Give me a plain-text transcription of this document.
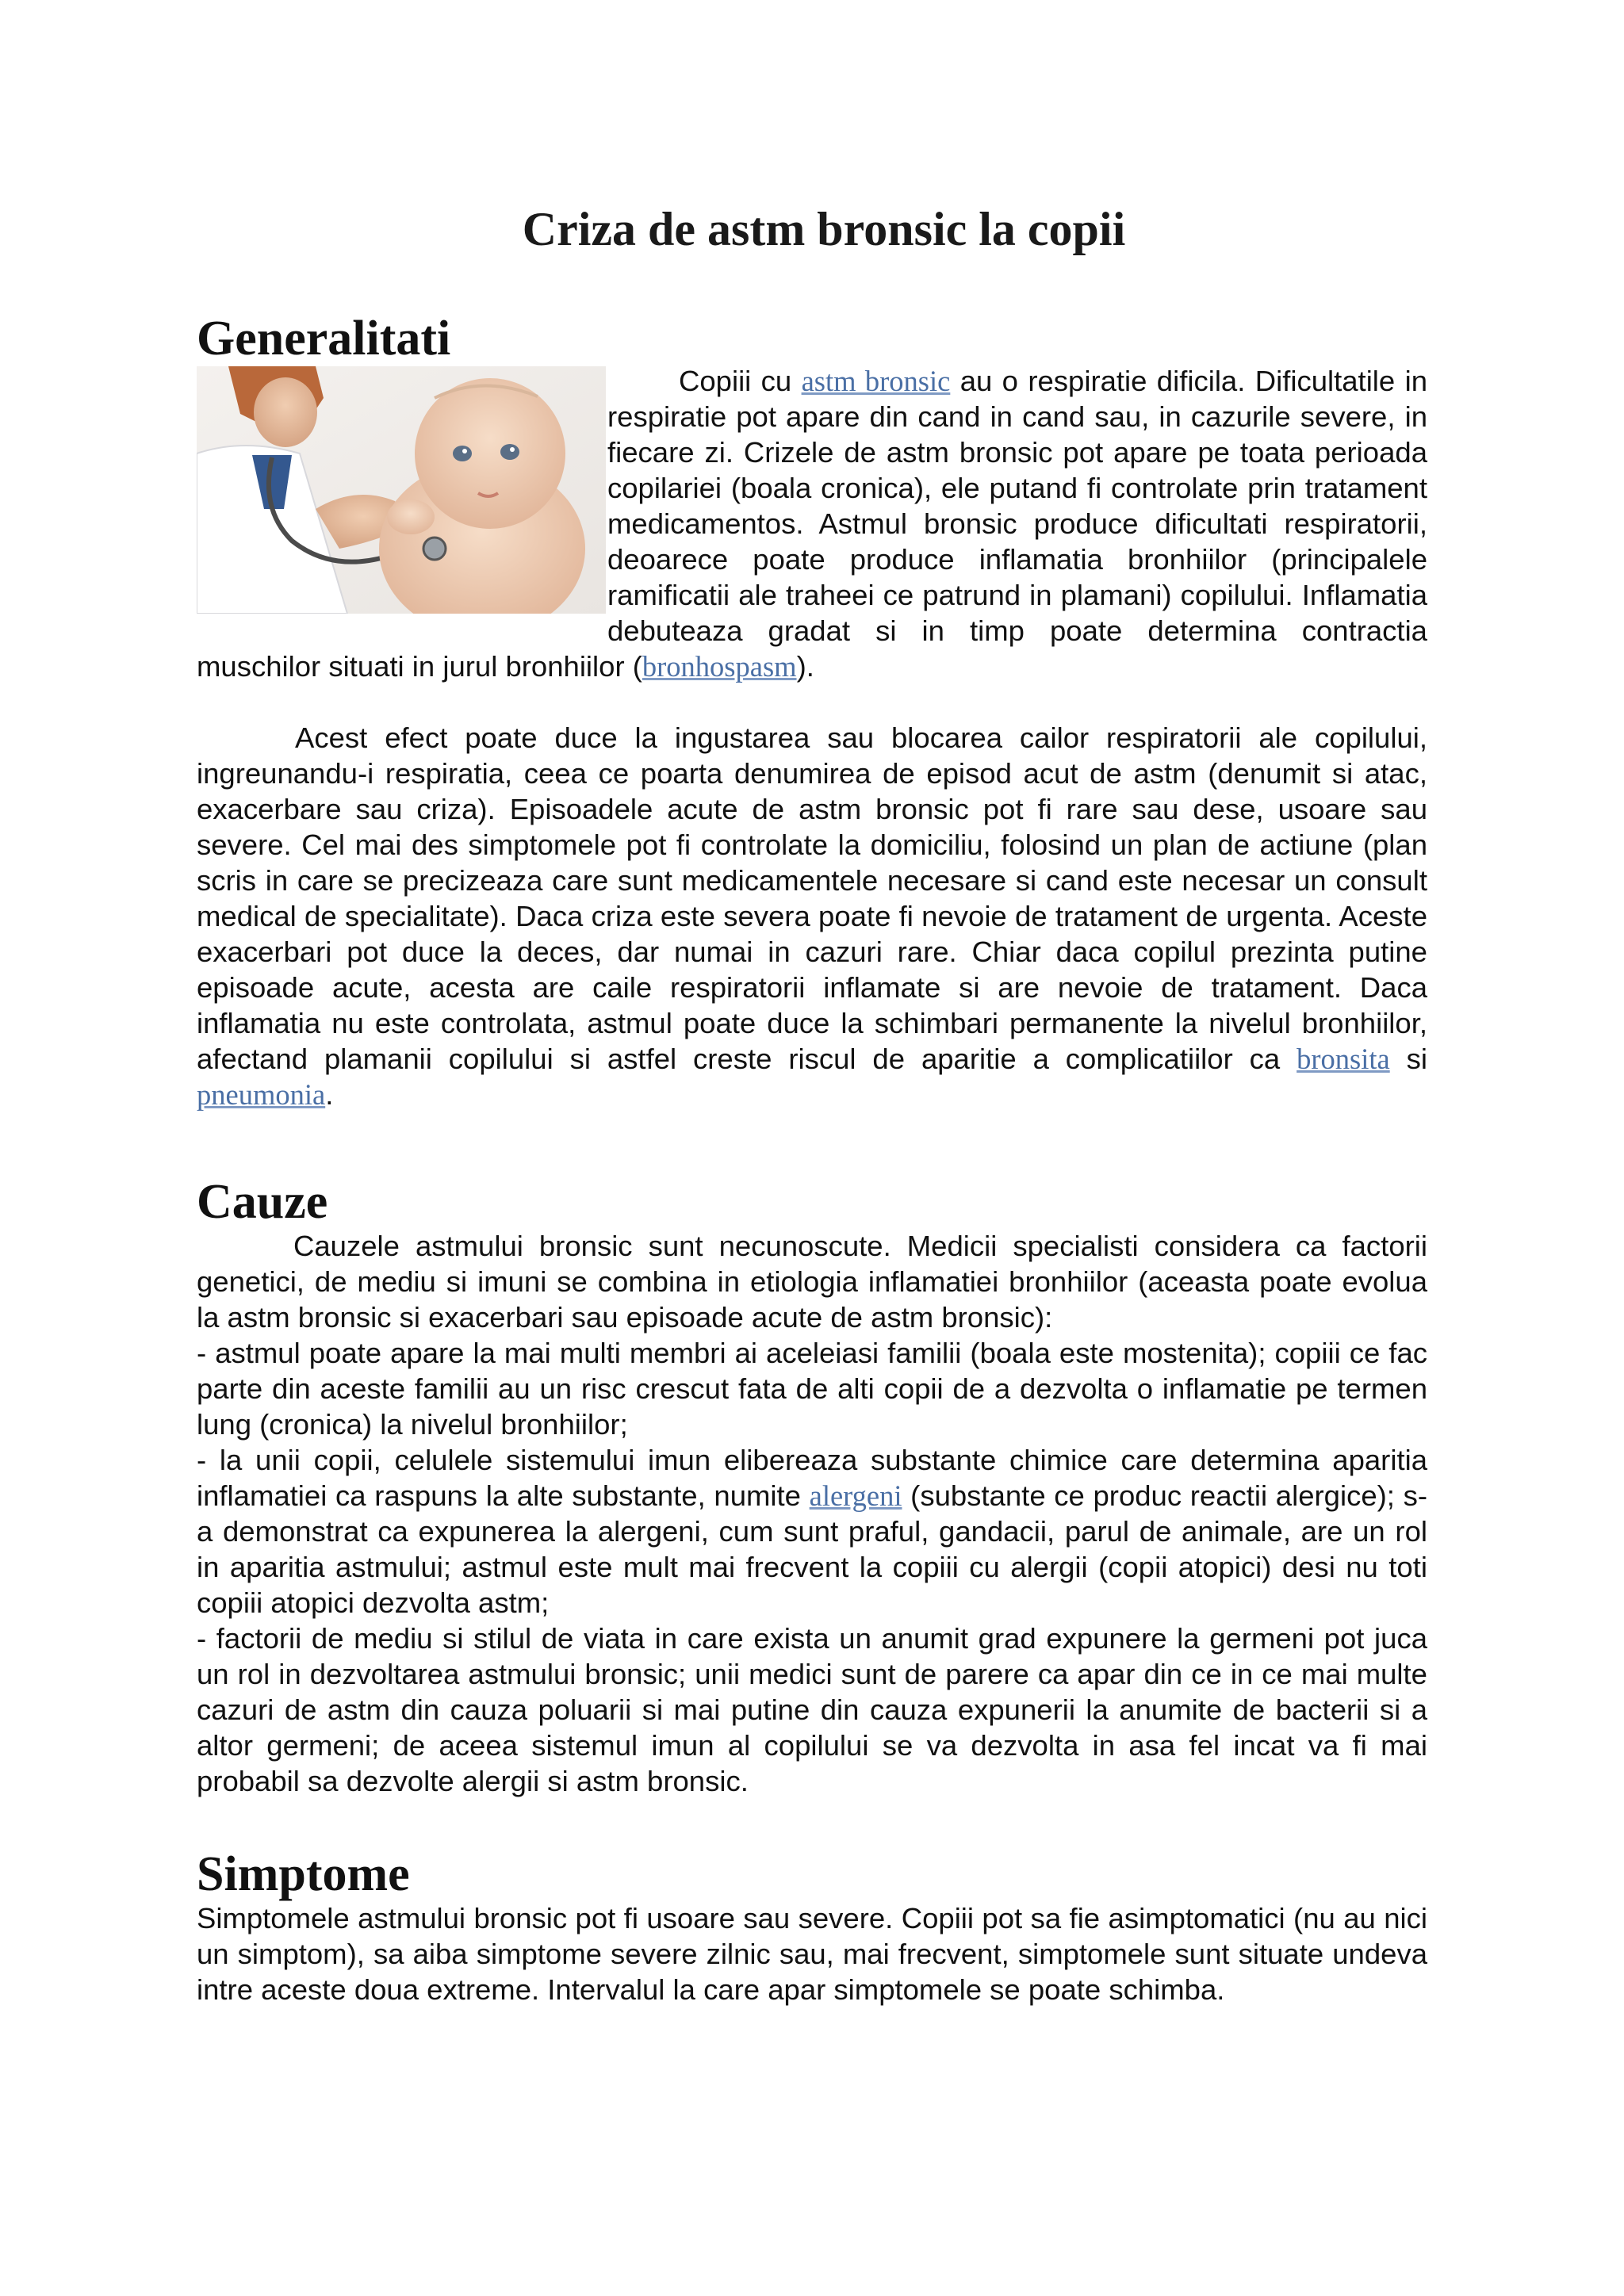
Criza de astm bronsic la copii
Generalitati

Copiii cu astm bronsic au o respiratie dificila. Dificultatile in respiratie pot apare din cand in cand sau, in cazurile severe, in fiecare zi. Crizele de astm bronsic pot apare pe toata perioada copilariei (boala cronica), ele putand fi controlate prin tratament medicamentos. Astmul bronsic produce dificultati respiratorii, deoarece poate produce inflamatia bronhiilor (principalele ramificatii ale traheei ce patrund in plamani) copilului. Inflamatia debuteaza gradat si in timp poate determina contractia muschilor situati in jurul bronhiilor (bronhospasm).

Acest efect poate duce la ingustarea sau blocarea cailor respiratorii ale copilului, ingreunandu-i respiratia, ceea ce poarta denumirea de episod acut de astm (denumit si atac, exacerbare sau criza). Episoadele acute de astm bronsic pot fi rare sau dese, usoare sau severe. Cel mai des simptomele pot fi controlate la domiciliu, folosind un plan de actiune (plan scris in care se precizeaza care sunt medicamentele necesare si cand este necesar un consult medical de specialitate). Daca criza este severa poate fi nevoie de tratament de urgenta. Aceste exacerbari pot duce la deces, dar numai in cazuri rare. Chiar daca copilul prezinta putine episoade acute, acesta are caile respiratorii inflamate si are nevoie de tratament. Daca inflamatia nu este controlata, astmul poate duce la schimbari permanente la nivelul bronhiilor, afectand plamanii copilului si astfel creste riscul de aparitie a complicatiilor ca bronsita si pneumonia.

Cauze

Cauzele astmului bronsic sunt necunoscute. Medicii specialisti considera ca factorii genetici, de mediu si imuni se combina in etiologia inflamatiei bronhiilor (aceasta poate evolua la astm bronsic si exacerbari sau episoade acute de astm bronsic):

- astmul poate apare la mai multi membri ai aceleiasi familii (boala este mostenita); copiii ce fac parte din aceste familii au un risc crescut fata de alti copii de a dezvolta o inflamatie pe termen lung (cronica) la nivelul bronhiilor;

- la unii copii, celulele sistemului imun elibereaza substante chimice care determina aparitia inflamatiei ca raspuns la alte substante, numite alergeni (substante ce produc reactii alergice); s-a demonstrat ca expunerea la alergeni, cum sunt praful, gandacii, parul de animale, are un rol in aparitia astmului; astmul este mult mai frecvent la copiii cu alergii (copii atopici) desi nu toti copiii atopici dezvolta astm;

- factorii de mediu si stilul de viata in care exista un anumit grad expunere la germeni pot juca un rol in dezvoltarea astmului bronsic; unii medici sunt de parere ca apar din ce in ce mai multe cazuri de astm din cauza poluarii si mai putine din cauza expunerii la anumite de bacterii si a altor germeni; de aceea sistemul imun al copilului se va dezvolta in asa fel incat va fi mai probabil sa dezvolte alergii si astm bronsic.

Simptome

Simptomele astmului bronsic pot fi usoare sau severe. Copiii pot sa fie asimptomatici (nu au nici un simptom), sa aiba simptome severe zilnic sau, mai frecvent, simptomele sunt situate undeva intre aceste doua extreme. Intervalul la care apar simptomele se poate schimba.
